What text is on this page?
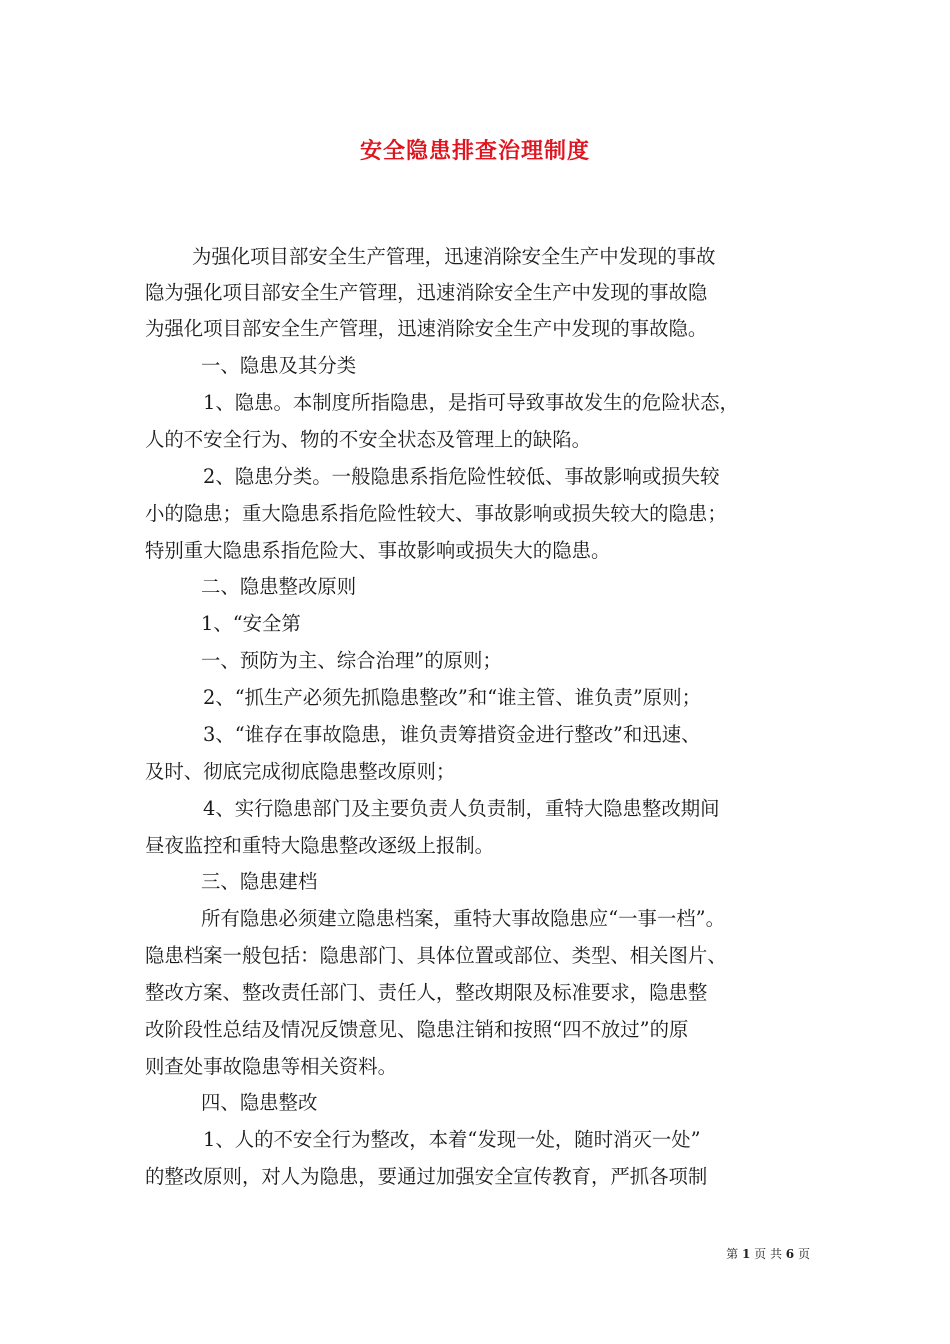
安全隐患排查治理制度
为强化项目部安全生产管理，迅速消除安全生产中发现的事故
隐为强化项目部安全生产管理，迅速消除安全生产中发现的事故隐
为强化项目部安全生产管理，迅速消除安全生产中发现的事故隐。
一、隐患及其分类
1、隐患。本制度所指隐患，是指可导致事故发生的危险状态，
人的不安全行为、物的不安全状态及管理上的缺陷。
2、隐患分类。一般隐患系指危险性较低、事故影响或损失较
小的隐患；重大隐患系指危险性较大、事故影响或损失较大的隐患；
特别重大隐患系指危险大、事故影响或损失大的隐患。
二、隐患整改原则
1、“安全第
一、预防为主、综合治理”的原则；
2、“抓生产必须先抓隐患整改”和“谁主管、谁负责”原则；
3、“谁存在事故隐患，谁负责筹措资金进行整改”和迅速、
及时、彻底完成彻底隐患整改原则；
4、实行隐患部门及主要负责人负责制，重特大隐患整改期间
昼夜监控和重特大隐患整改逐级上报制。
三、隐患建档
所有隐患必须建立隐患档案，重特大事故隐患应“一事一档”。
隐患档案一般包括：隐患部门、具体位置或部位、类型、相关图片、
整改方案、整改责任部门、责任人，整改期限及标准要求，隐患整
改阶段性总结及情况反馈意见、隐患注销和按照“四不放过”的原
则查处事故隐患等相关资料。
四、隐患整改
1、人的不安全行为整改，本着“发现一处，随时消灭一处”
的整改原则，对人为隐患，要通过加强安全宣传教育，严抓各项制
第 1 页 共 6 页
